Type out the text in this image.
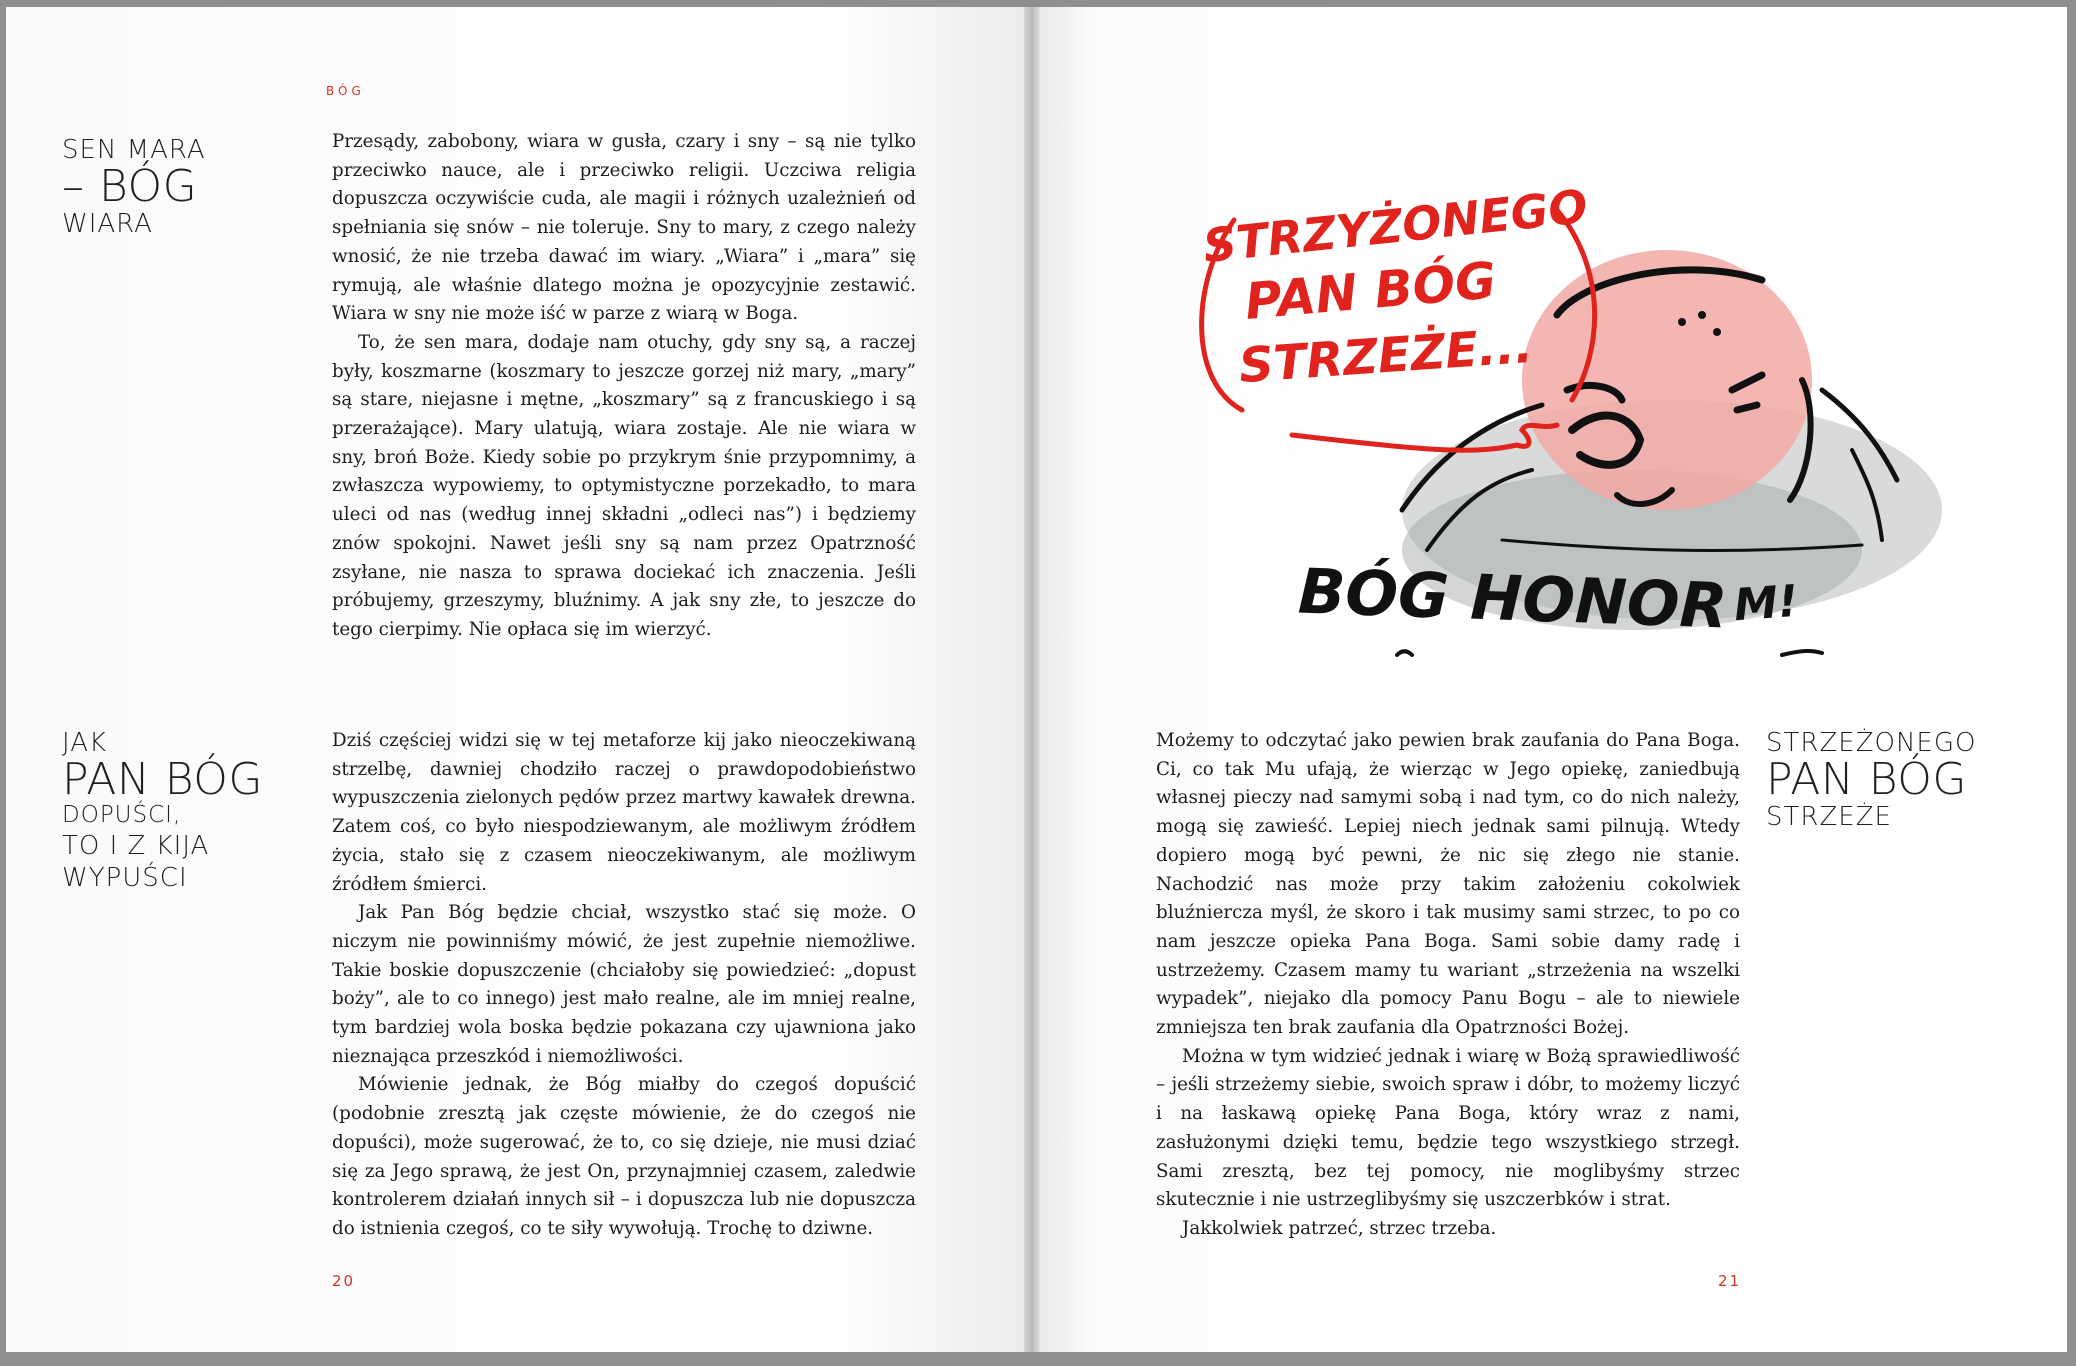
BÓG
SEN MARA
– BÓG
WIARA

Przesądy, zabobony, wiara w gusła, czary i sny – są nie tylko przeciwko nauce, ale i przeciwko religii. Uczciwa religia dopuszcza oczywiście cuda, ale magii i różnych uzależnień od spełniania się snów – nie toleruje. Sny to mary, z czego należy wnosić, że nie trzeba dawać im wiary. „Wiara” i „mara” się rymują, ale właśnie dlatego można je opozycyjnie zestawić. Wiara w sny nie może iść w parze z wiarą w Boga.

To, że sen mara, dodaje nam otuchy, gdy sny są, a raczej były, koszmarne (koszmary to jeszcze gorzej niż mary, „mary” są stare, niejasne i mętne, „koszmary” są z francuskiego i są przerażające). Mary ulatują, wiara zostaje. Ale nie wiara w sny, broń Boże. Kiedy sobie po przykrym śnie przypomnimy, a zwłaszcza wypowiemy, to optymistyczne porzekadło, to mara uleci od nas (według innej składni „odleci nas”) i będziemy znów spokojni. Nawet jeśli sny są nam przez Opatrzność zsyłane, nie nasza to sprawa dociekać ich znaczenia. Jeśli próbujemy, grzeszymy, bluźnimy. A jak sny złe, to jeszcze do tego cierpimy. Nie opłaca się im wierzyć.

JAK
PAN BÓG
DOPUŚCI,
TO I Z KIJA
WYPUŚCI

Dziś częściej widzi się w tej metaforze kij jako nieoczekiwaną strzelbę, dawniej chodziło raczej o prawdopodobieństwo wypuszczenia zielonych pędów przez martwy kawałek drewna. Zatem coś, co było niespodziewanym, ale możliwym źródłem życia, stało się z czasem nieoczekiwanym, ale możliwym źródłem śmierci.

Jak Pan Bóg będzie chciał, wszystko stać się może. O niczym nie powinniśmy mówić, że jest zupełnie niemożliwe. Takie boskie dopuszczenie (chciałoby się powiedzieć: „dopust boży”, ale to co innego) jest mało realne, ale im mniej realne, tym bardziej wola boska będzie pokazana czy ujawniona jako nieznająca przeszkód i niemożliwości.

Mówienie jednak, że Bóg miałby do czegoś dopuścić (podobnie zresztą jak częste mówienie, że do czegoś nie dopuści), może sugerować, że to, co się dzieje, nie musi dziać się za Jego sprawą, że jest On, przynajmniej czasem, zaledwie kontrolerem działań innych sił – i dopuszcza lub nie dopuszcza do istnienia czegoś, co te siły wywołują. Trochę to dziwne.

20
STRZYŻONEGO
PAN BÓG
STRZEŻE...
BÓG HONOR M!

Możemy to odczytać jako pewien brak zaufania do Pana Boga. Ci, co tak Mu ufają, że wierząc w Jego opiekę, zaniedbują własnej pieczy nad samymi sobą i nad tym, co do nich należy, mogą się zawieść. Lepiej niech jednak sami pilnują. Wtedy dopiero mogą być pewni, że nic się złego nie stanie. Nachodzić nas może przy takim założeniu cokolwiek bluźniercza myśl, że skoro i tak musimy sami strzec, to po co nam jeszcze opieka Pana Boga. Sami sobie damy radę i ustrzeżemy. Czasem mamy tu wariant „strzeżenia na wszelki wypadek”, niejako dla pomocy Panu Bogu – ale to niewiele zmniejsza ten brak zaufania dla Opatrzności Bożej.

Można w tym widzieć jednak i wiarę w Bożą sprawiedliwość – jeśli strzeżemy siebie, swoich spraw i dóbr, to możemy liczyć i na łaskawą opiekę Pana Boga, który wraz z nami, zasłużonymi dzięki temu, będzie tego wszystkiego strzegł. Sami zresztą, bez tej pomocy, nie moglibyśmy strzec skutecznie i nie ustrzeglibyśmy się uszczerbków i strat.

Jakkolwiek patrzeć, strzec trzeba.

STRZEŻONEGO
PAN BÓG
STRZEŻE
21
